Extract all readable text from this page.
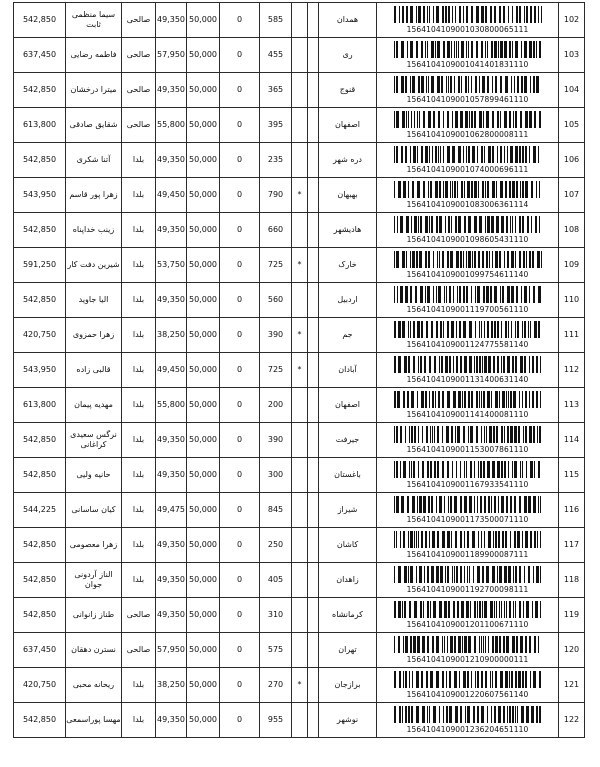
542,850	سیما منظمی ثابت	صالحی	49,350	50,000	0	585			همدان	1564104109001030800065111	102
637,450	فاطمه رضایی	صالحی	57,950	50,000	0	455			ری	1564104109001041401831110	103
542,850	میترا درخشان	صالحی	49,350	50,000	0	365			قنوج	1564104109001057899461110	104
613,800	شقایق صادقی	صالحی	55,800	50,000	0	395			اصفهان	1564104109001062800008111	105
542,850	آتنا شکری	بلدا	49,350	50,000	0	235			دره شهر	1564104109001074000696111	106
543,950	زهرا پور قاسم	بلدا	49,450	50,000	0	790	*		بهبهان	1564104109001083006361114	107
542,850	زینب خداپناه	بلدا	49,350	50,000	0	660			هادیشهر	1564104109001098605431110	108
591,250	شیرین دفت کار	بلدا	53,750	50,000	0	725	*		خارک	1564104109001099754611140	109
542,850	الیا جاوید	بلدا	49,350	50,000	0	560			اردبیل	1564104109001119700561110	110
420,750	زهرا حمزوی	بلدا	38,250	50,000	0	390	*		جم	1564104109001124775581140	111
543,950	قالبی زاده	بلدا	49,450	50,000	0	725	*		آبادان	1564104109001131400631140	112
613,800	مهدیه پیمان	بلدا	55,800	50,000	0	200			اصفهان	1564104109001141400081110	113
542,850	نرگس سعیدی کراغانی	بلدا	49,350	50,000	0	390			جیرفت	1564104109001153007861110	114
542,850	حانیه ولیی	بلدا	49,350	50,000	0	300			باغستان	1564104109001167933541110	115
544,225	کیان ساسانی	بلدا	49,475	50,000	0	845			شیراز	1564104109001173500071110	116
542,850	زهرا معصومی	بلدا	49,350	50,000	0	250			کاشان	1564104109001189900087111	117
542,850	الناز آردونی جوان	بلدا	49,350	50,000	0	405			زاهدان	1564104109001192700098111	118
542,850	طناز زانوانی	صالحی	49,350	50,000	0	310			کرمانشاه	1564104109001201100671110	119
637,450	نسترن دهقان	صالحی	57,950	50,000	0	575			تهران	1564104109001210900000111	120
420,750	ریحانه محبی	بلدا	38,250	50,000	0	270	*		برازجان	1564104109001220607561140	121
542,850	مهسا پوراسمعی	بلدا	49,350	50,000	0	955			نوشهر	1564104109001236204651110	122
